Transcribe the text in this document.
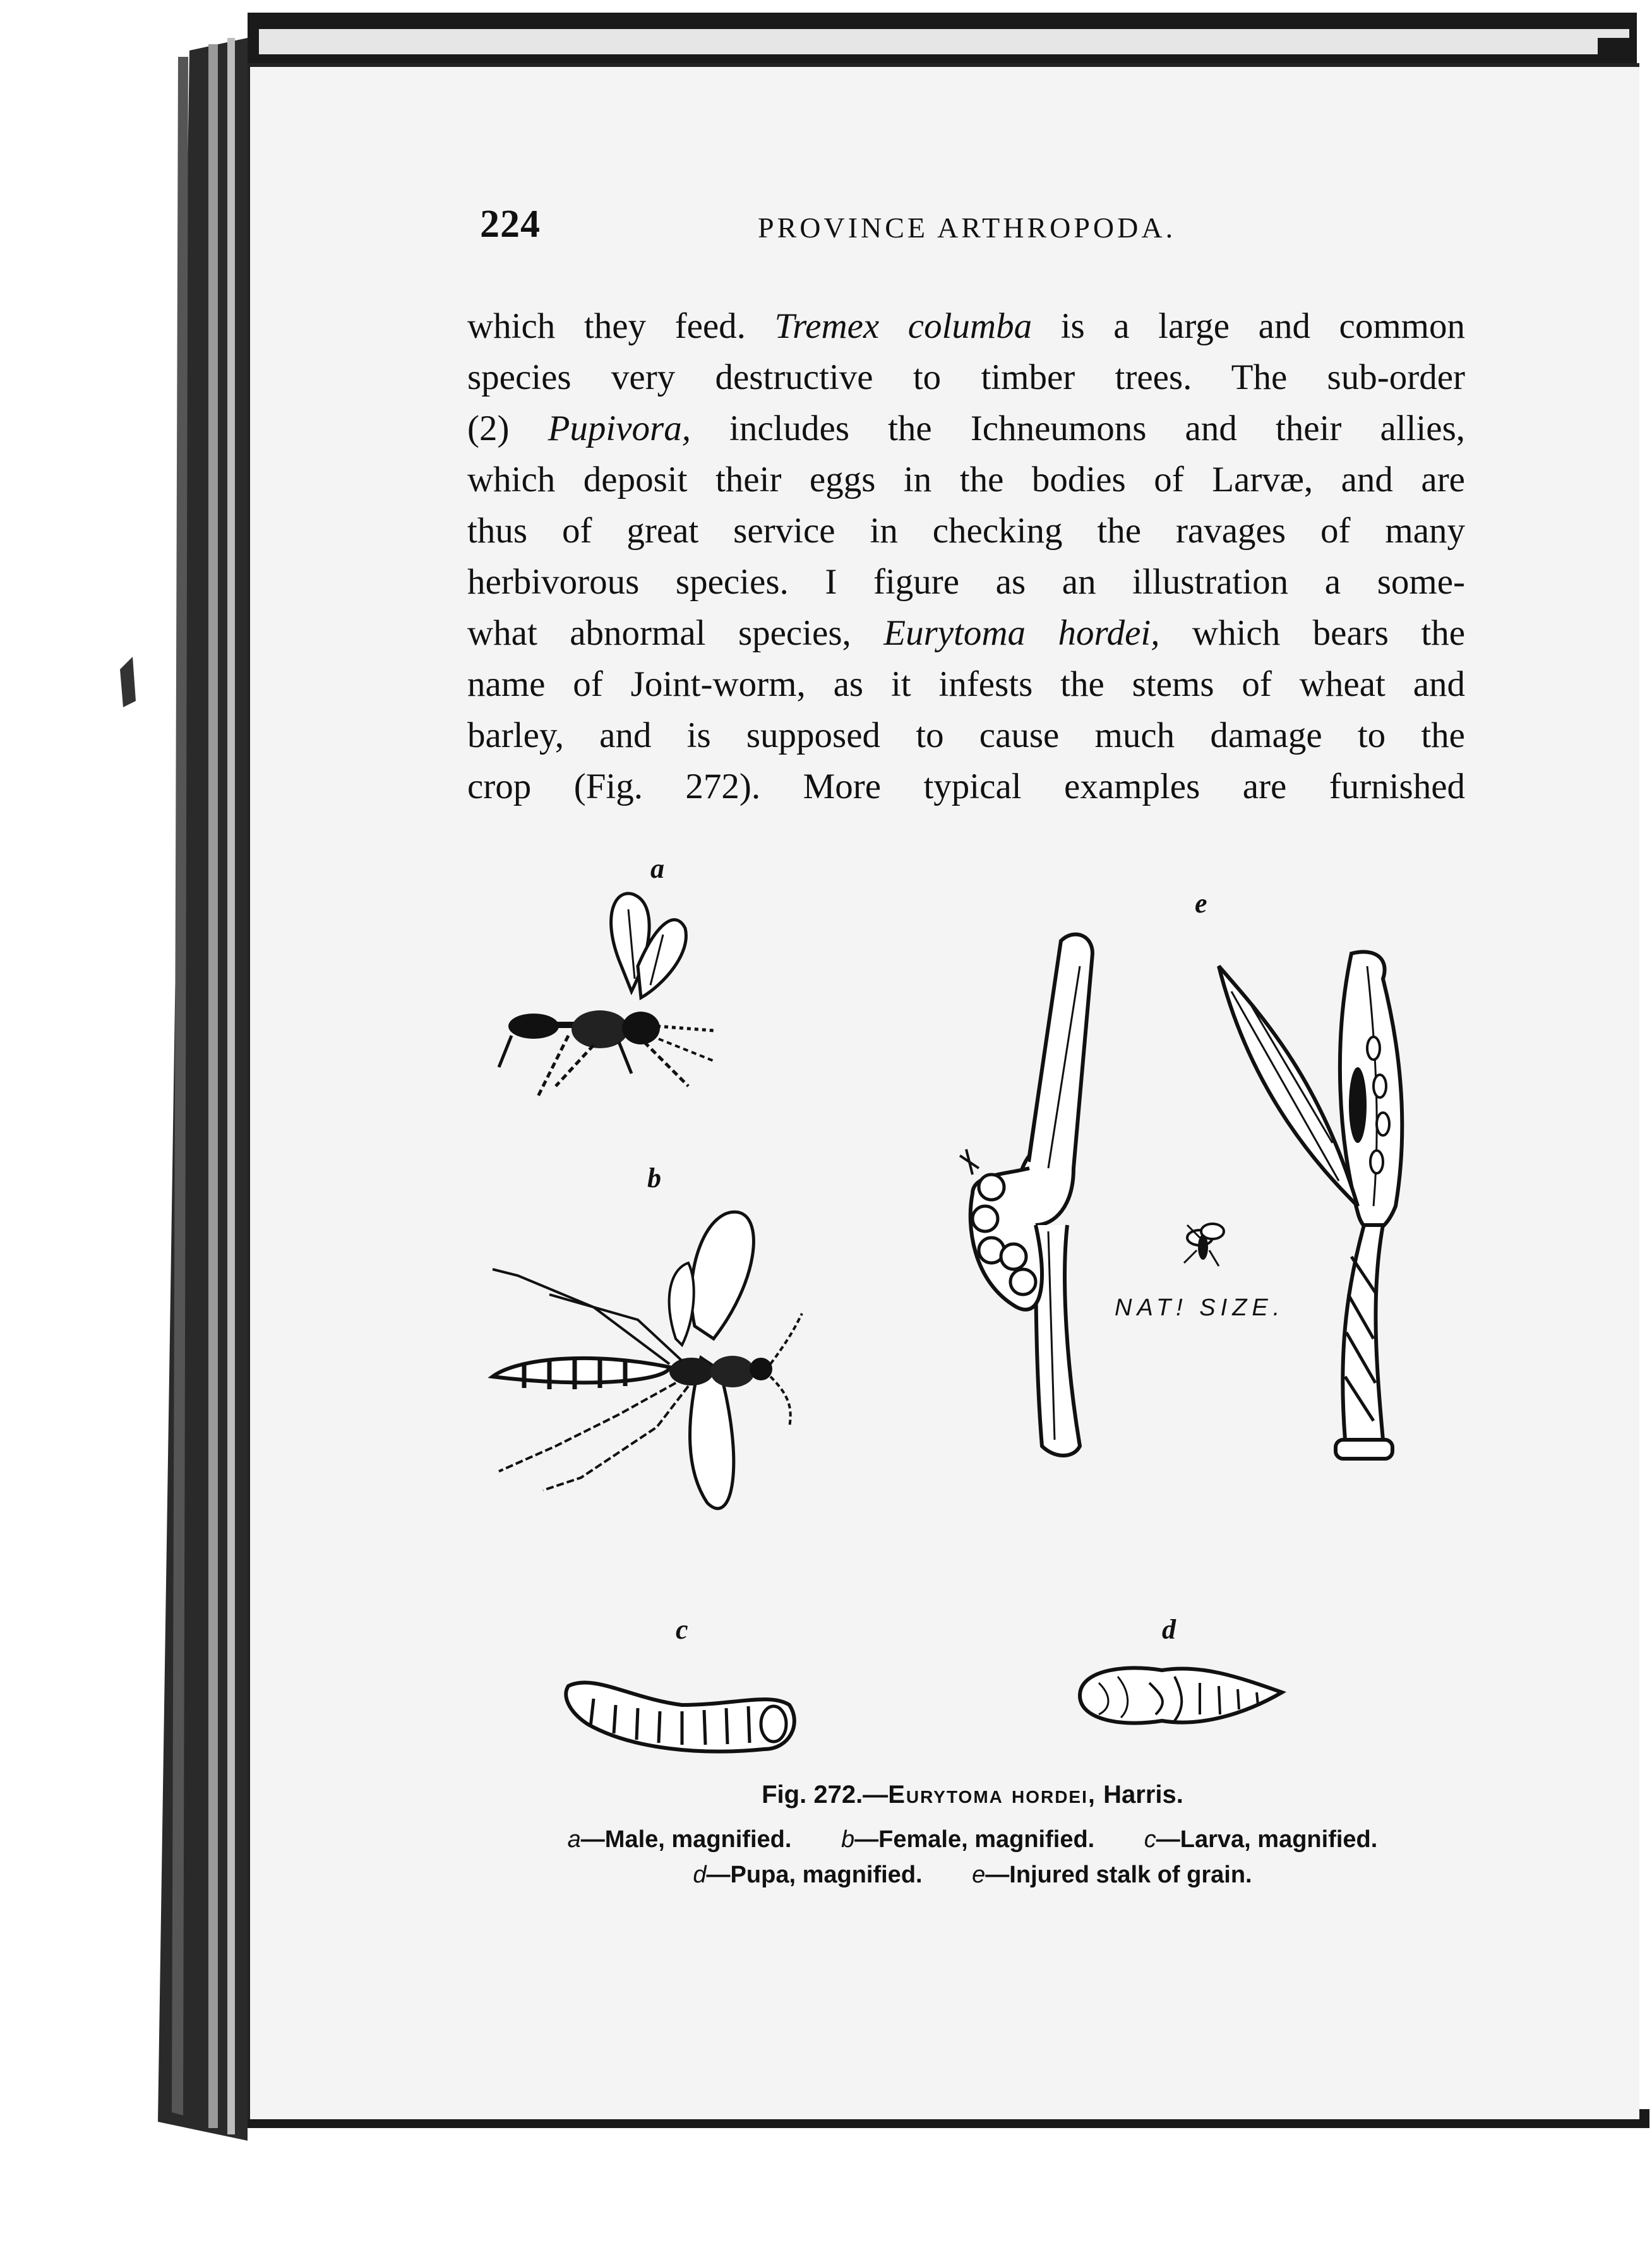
224	PROVINCE ARTHROPODA.
which they feed. Tremex columba is a large and common
species very destructive to timber trees. The sub-order
(2) Pupivora, includes the Ichneumons and their allies,
which deposit their eggs in the bodies of Larvæ, and are
thus of great service in checking the ravages of many
herbivorous species. I figure as an illustration a some-
what abnormal species, Eurytoma hordei, which bears the
name of Joint-worm, as it infests the stems of wheat and
barley, and is supposed to cause much damage to the
crop (Fig. 272). More typical examples are furnished
a
b
c	d
e
NAT! SIZE.
Fig. 272.—Eurytoma hordei, Harris.
a—Male, magnified. b—Female, magnified. c—Larva, magnified.
d—Pupa, magnified. e—Injured stalk of grain.
